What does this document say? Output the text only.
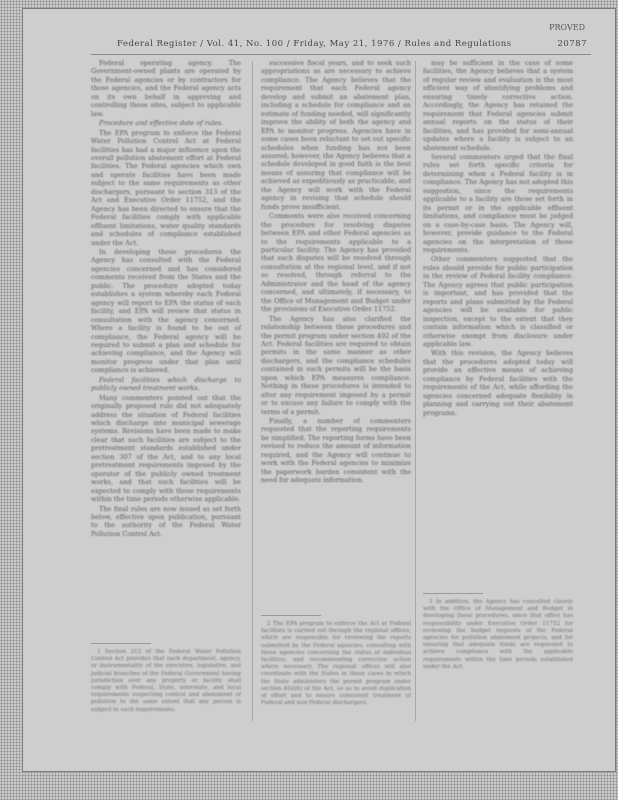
PROVED
Federal Register / Vol. 41, No. 100 / Friday, May 21, 1976 / Rules and Regulations	20787

Federal operating agency. The Government-owned plants are operated by the Federal agencies or by contractors for those agencies, and the Federal agency acts on its own behalf in approving and controlling those sites, subject to applicable law.

Procedure and effective date of rules.

The EPA program to enforce the Federal Water Pollution Control Act at Federal facilities has had a major influence upon the overall pollution abatement effort at Federal facilities. The Federal agencies which own and operate facilities have been made subject to the same requirements as other dischargers, pursuant to section 313 of the Act and Executive Order 11752, and the Agency has been directed to ensure that the Federal facilities comply with applicable effluent limitations, water quality standards and schedules of compliance established under the Act.

In developing these procedures the Agency has consulted with the Federal agencies concerned and has considered comments received from the States and the public. The procedure adopted today establishes a system whereby each Federal agency will report to EPA the status of each facility, and EPA will review that status in consultation with the agency concerned. Where a facility is found to be out of compliance, the Federal agency will be required to submit a plan and schedule for achieving compliance, and the Agency will monitor progress under that plan until compliance is achieved.

Federal facilities which discharge to publicly owned treatment works.

Many commenters pointed out that the originally proposed rule did not adequately address the situation of Federal facilities which discharge into municipal sewerage systems. Revisions have been made to make clear that such facilities are subject to the pretreatment standards established under section 307 of the Act, and to any local pretreatment requirements imposed by the operator of the publicly owned treatment works, and that such facilities will be expected to comply with those requirements within the time periods otherwise applicable.

The final rules are now issued as set forth below, effective upon publication, pursuant to the authority of the Federal Water Pollution Control Act.

successive fiscal years, and to seek such appropriations as are necessary to achieve compliance. The Agency believes that the requirement that each Federal agency develop and submit an abatement plan, including a schedule for compliance and an estimate of funding needed, will significantly improve the ability of both the agency and EPA to monitor progress. Agencies have in some cases been reluctant to set out specific schedules when funding has not been assured; however, the Agency believes that a schedule developed in good faith is the best means of assuring that compliance will be achieved as expeditiously as practicable, and the Agency will work with the Federal agency in revising that schedule should funds prove insufficient.

Comments were also received concerning the procedure for resolving disputes between EPA and other Federal agencies as to the requirements applicable to a particular facility. The Agency has provided that such disputes will be resolved through consultation at the regional level, and if not so resolved, through referral to the Administrator and the head of the agency concerned, and ultimately, if necessary, to the Office of Management and Budget under the provisions of Executive Order 11752.

The Agency has also clarified the relationship between these procedures and the permit program under section 402 of the Act. Federal facilities are required to obtain permits in the same manner as other dischargers, and the compliance schedules contained in such permits will be the basis upon which EPA measures compliance. Nothing in these procedures is intended to alter any requirement imposed by a permit or to excuse any failure to comply with the terms of a permit.

Finally, a number of commenters requested that the reporting requirements be simplified. The reporting forms have been revised to reduce the amount of information required, and the Agency will continue to work with the Federal agencies to minimize the paperwork burden consistent with the need for adequate information.

may be sufficient in the case of some facilities, the Agency believes that a system of regular review and evaluation is the most efficient way of identifying problems and ensuring timely corrective action. Accordingly, the Agency has retained the requirement that Federal agencies submit annual reports on the status of their facilities, and has provided for semi-annual updates where a facility is subject to an abatement schedule.

Several commenters urged that the final rules set forth specific criteria for determining when a Federal facility is in compliance. The Agency has not adopted this suggestion, since the requirements applicable to a facility are those set forth in its permit or in the applicable effluent limitations, and compliance must be judged on a case-by-case basis. The Agency will, however, provide guidance to the Federal agencies on the interpretation of those requirements.

Other commenters suggested that the rules should provide for public participation in the review of Federal facility compliance. The Agency agrees that public participation is important, and has provided that the reports and plans submitted by the Federal agencies will be available for public inspection, except to the extent that they contain information which is classified or otherwise exempt from disclosure under applicable law.

With this revision, the Agency believes that the procedures adopted today will provide an effective means of achieving compliance by Federal facilities with the requirements of the Act, while affording the agencies concerned adequate flexibility in planning and carrying out their abatement programs.

1 Section 313 of the Federal Water Pollution Control Act provides that each department, agency, or instrumentality of the executive, legislative, and judicial branches of the Federal Government having jurisdiction over any property or facility shall comply with Federal, State, interstate, and local requirements respecting control and abatement of pollution to the same extent that any person is subject to such requirements.

2 The EPA program to enforce the Act at Federal facilities is carried out through the regional offices, which are responsible for reviewing the reports submitted by the Federal agencies, consulting with those agencies concerning the status of individual facilities, and recommending corrective action where necessary. The regional offices will also coordinate with the States in those cases in which the State administers the permit program under section 402(b) of the Act, so as to avoid duplication of effort and to ensure consistent treatment of Federal and non-Federal dischargers.

3 In addition, the Agency has consulted closely with the Office of Management and Budget in developing these procedures, since that office has responsibility under Executive Order 11752 for reviewing the budget requests of the Federal agencies for pollution abatement projects, and for ensuring that adequate funds are requested to achieve compliance with the applicable requirements within the time periods established under the Act.
